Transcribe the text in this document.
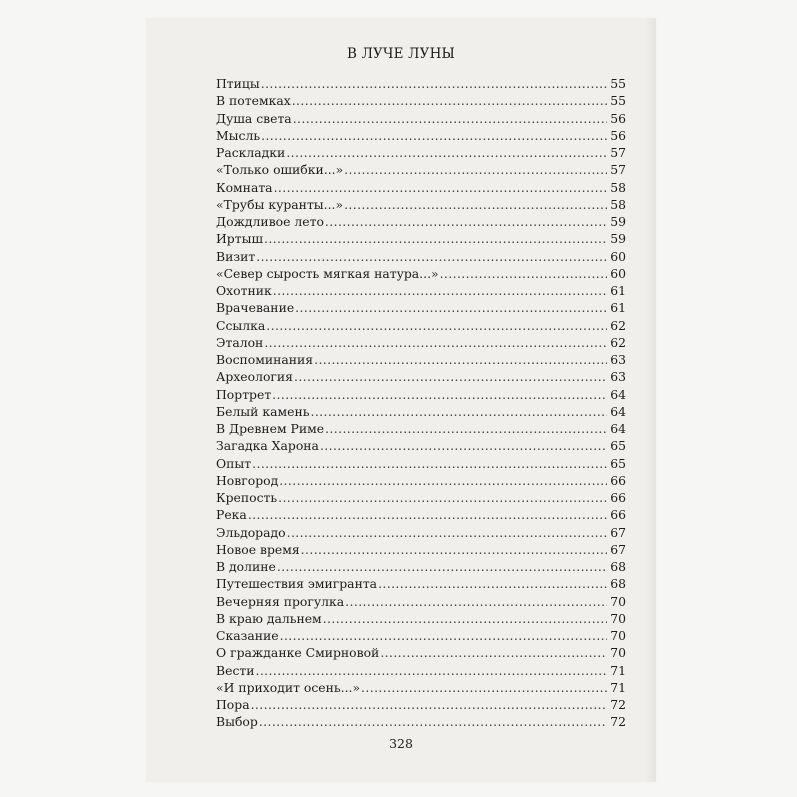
В ЛУЧЕ ЛУНЫ
Птицы .....	55
В потемках .....	55
Душа света .....	56
Мысль .....	56
Раскладки .....	57
«Только ошибки...» .....	57
Комната .....	58
«Трубы куранты...» .....	58
Дождливое лето .....	59
Иртыш .....	59
Визит .....	60
«Север сырость мягкая натура...» .....	60
Охотник .....	61
Врачевание .....	61
Ссылка .....	62
Эталон .....	62
Воспоминания .....	63
Археология .....	63
Портрет .....	64
Белый камень .....	64
В Древнем Риме .....	64
Загадка Харона .....	65
Опыт .....	65
Новгород .....	66
Крепость .....	66
Река .....	66
Эльдорадо .....	67
Новое время .....	67
В долине .....	68
Путешествия эмигранта .....	68
Вечерняя прогулка .....	70
В краю дальнем .....	70
Сказание .....	70
О гражданке Смирновой .....	70
Вести .....	71
«И приходит осень...» .....	71
Пора .....	72
Выбор .....	72
328
